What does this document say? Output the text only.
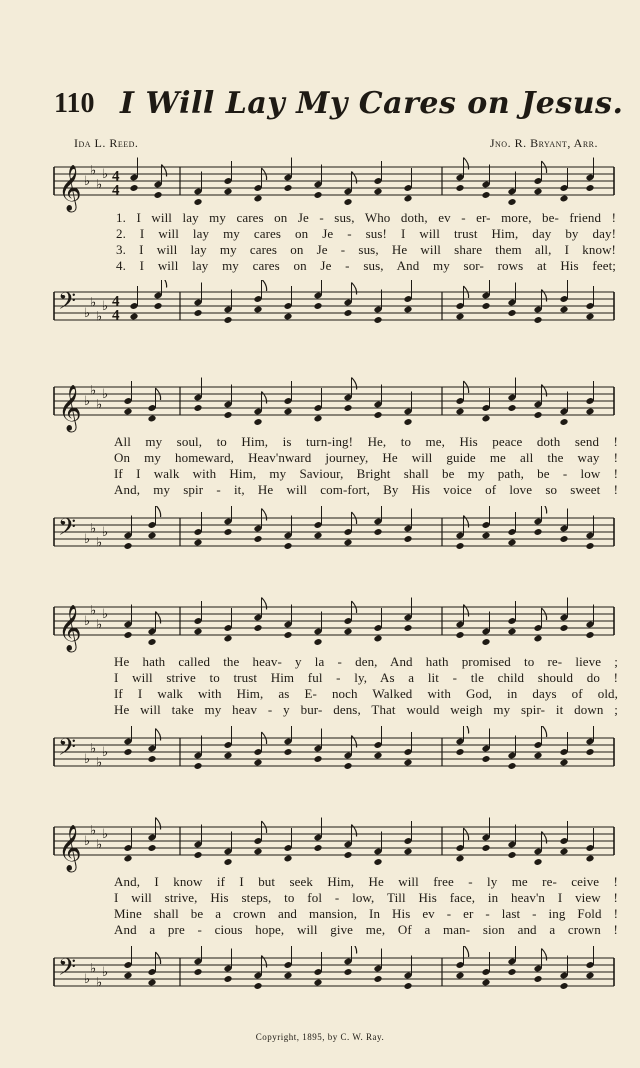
110 I Will Lay My Cares on Jesus.
Ida L. Reed.	Jno. R. Bryant, Arr.
𝄞 ♭
♭
♭
♭ 4
4
1. I will lay my cares on Je - sus, Who doth, ev - er- more, be- friend !
2. I will lay my cares on Je - sus! I will trust Him, day by day!
3. I will lay my cares on Je - sus, He will share them all, I know!
4. I will lay my cares on Je - sus, And my sor- rows at His feet;
𝄢 ♭
♭
♭
♭ 4
4
𝄞 ♭
♭
♭
♭
All my soul, to Him, is turn-ing! He, to me, His peace doth send !
On my homeward, Heav'nward journey, He will guide me all the way !
If I walk with Him, my Saviour, Bright shall be my path, be - low !
And, my spir - it, He will com-fort, By His voice of love so sweet !
𝄢 ♭
♭
♭
♭
𝄞 ♭
♭
♭
♭
He hath called the heav- y la - den, And hath promised to re- lieve ;
I will strive to trust Him ful - ly, As a lit - tle child should do !
If I walk with Him, as E- noch Walked with God, in days of old,
He will take my heav - y bur- dens, That would weigh my spir- it down ;
𝄢 ♭
♭
♭
♭
𝄞 ♭
♭
♭
♭
And, I know if I but seek Him, He will free - ly me re- ceive !
I will strive, His steps, to fol - low, Till His face, in heav'n I view !
Mine shall be a crown and mansion, In His ev - er - last - ing Fold !
And a pre - cious hope, will give me, Of a man- sion and a crown !
𝄢 ♭
♭
♭
♭
Copyright, 1895, by C. W. Ray.
